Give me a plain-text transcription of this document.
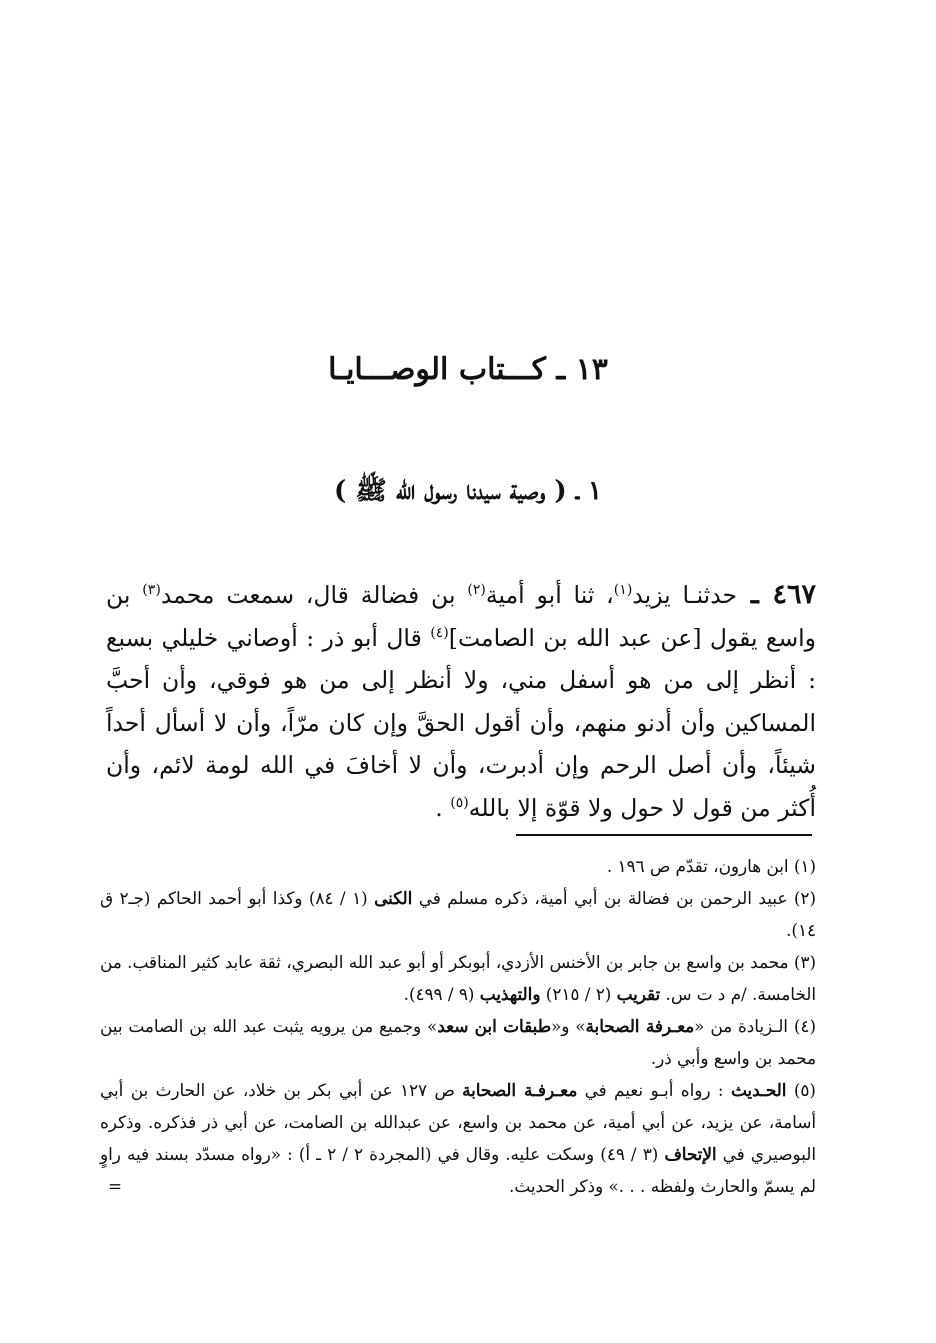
١٣ ـ كـــتاب الوصـــايـا
١ ـ ( وصية سيدنا رسول الله ﷺ )
٤٦٧ ـ حدثنـا يزيد$^{(١)}$، ثنا أبو أمية$^{(٢)}$ بن فضالة قال، سمعت محمد$^{(٣)}$ بن واسع يقول [عن عبد الله بن الصامت]$^{(٤)}$ قال أبو ذر : أوصاني خليلي بسبع : أنظر إلى من هو أسفل مني، ولا أنظر إلى من هو فوقي، وأن أحبَّ المساكين وأن أدنو منهم، وأن أقول الحقَّ وإن كان مرّاً، وأن لا أسأل أحداً شيئاً، وأن أصل الرحم وإن أدبرت، وأن لا أخافَ في الله لومة لائم، وأن أُكثر من قول لا حول ولا قوّة إلا بالله$^{(٥)}$ .

(١) ابن هارون، تقدّم ص ١٩٦ .

(٢) عبيد الرحمن بن فضالة بن أبي أمية، ذكره مسلم في الكنى (١ / ٨٤) وكذا أبو أحمد الحاكم (جـ٢ ق ١٤).

(٣) محمد بن واسع بن جابر بن الأخنس الأزدي، أبوبكر أو أبو عبد الله البصري، ثقة عابد كثير المناقب. من الخامسة. /م د ت س. تقريب (٢ / ٢١٥) والتهذيب (٩ / ٤٩٩).

(٤) الـزيادة من «معـرفة الصحابة» و«طبقات ابن سعد» وجميع من يرويه يثبت عبد الله بن الصامت بين محمد بن واسع وأبي ذر.

(٥) الحـديث : رواه أبـو نعيم في معـرفـة الصحابة ص ١٢٧ عن أبي بكر بن خلاد، عن الحارث بن أبي أسامة، عن يزيد، عن أبي أمية، عن محمد بن واسع، عن عبدالله بن الصامت، عن أبي ذر فذكره. وذكره البوصيري في الإتحاف (٣ / ٤٩) وسكت عليه. وقال في (المجردة ٢ / ٢ ـ أ) : «رواه مسدّد بسند فيه راوٍ لم يسمّ والحارث ولفظه . . .» وذكر الحديث.
=
